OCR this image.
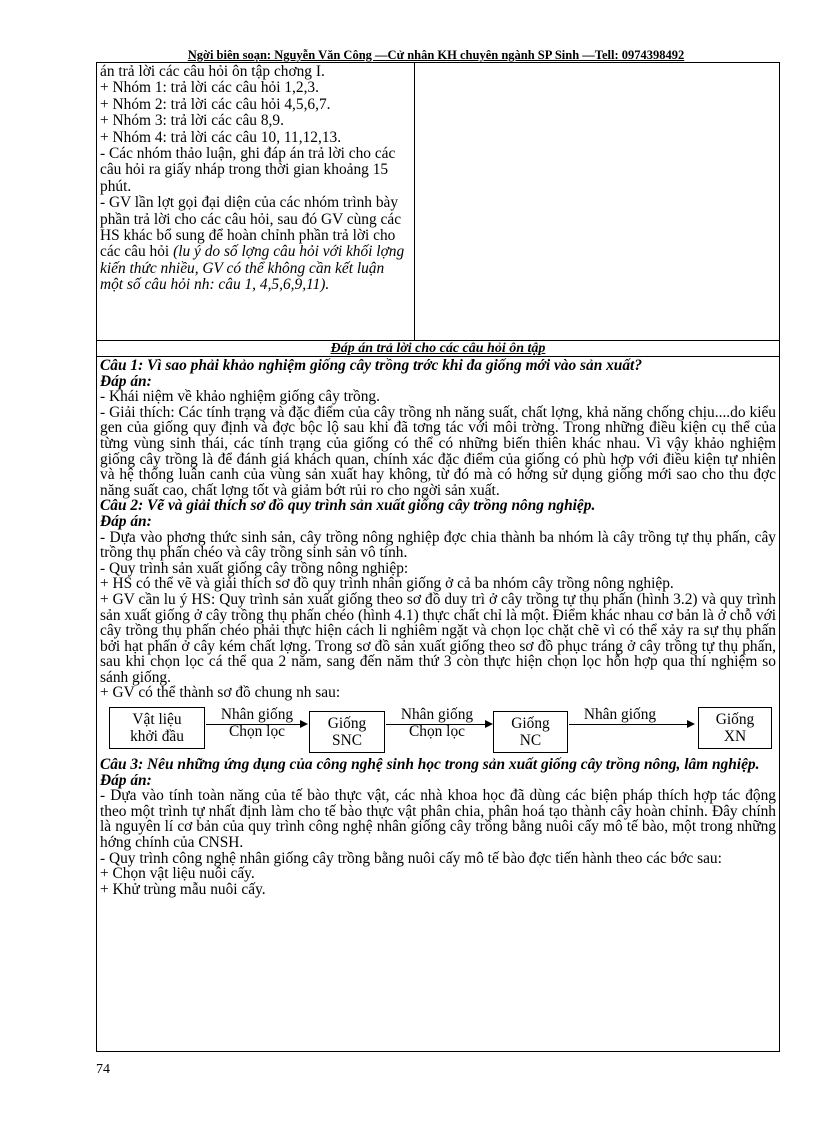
Ngời biên soạn: Nguyễn Văn Công —Cử nhân KH chuyên ngành SP Sinh —Tell: 0974398492

án trả lời các câu hỏi ôn tập chơng I.

+ Nhóm 1: trả lời các câu hỏi 1,2,3.

+ Nhóm 2: trả lời các câu hỏi 4,5,6,7.

+ Nhóm 3: trả lời các câu 8,9.

+ Nhóm 4: trả lời các câu 10, 11,12,13.

- Các nhóm thảo luận, ghi đáp án trả lời cho các câu hỏi ra giấy nháp trong thời gian khoảng 15 phút.

- GV lần lợt gọi đại diện của các nhóm trình bày phần trả lời cho các câu hỏi, sau đó GV cùng các HS khác bổ sung để hoàn chỉnh phần trả lời cho các câu hỏi (lu ý do số lợng câu hỏi với khối lợng kiến thức nhiều, GV có thể không cần kết luận một số câu hỏi nh: câu 1, 4,5,6,9,11).

Đáp án trả lời cho các câu hỏi ôn tập

Câu 1: Vì sao phải khảo nghiệm giống cây trồng trớc khi đa giống mới vào sản xuất?

Đáp án:

- Khái niệm về khảo nghiệm giống cây trồng.

- Giải thích: Các tính trạng và đặc điểm của cây trồng nh năng suất, chất lợng, khả năng chống chịu....do kiểu gen của giống quy định và đợc bộc lộ sau khi đã tơng tác với môi trờng. Trong những điều kiện cụ thể của từng vùng sinh thái, các tính trạng của giống có thể có những biến thiên khác nhau. Vì vậy khảo nghiệm giống cây trồng là để đánh giá khách quan, chính xác đặc điểm của giống có phù hợp với điều kiện tự nhiên và hệ thống luân canh của vùng sản xuất hay không, từ đó mà có hớng sử dụng giống mới sao cho thu đợc năng suất cao, chất lợng tốt và giảm bớt rủi ro cho ngời sản xuất.

Câu 2: Vẽ và giải thích sơ đồ quy trình sản xuất giống cây trồng nông nghiệp.

Đáp án:

- Dựa vào phơng thức sinh sản, cây trồng nông nghiệp đợc chia thành ba nhóm là cây trồng tự thụ phấn, cây trồng thụ phấn chéo và cây trồng sinh sản vô tính.

- Quy trình sản xuất giống cây trồng nông nghiệp:

+ HS có thể vẽ và giải thích sơ đồ quy trình nhân giống ở cả ba nhóm cây trồng nông nghiệp.

+ GV cần lu ý HS: Quy trình sản xuất giống theo sơ đồ duy trì ở cây trồng tự thụ phấn (hình 3.2) và quy trình sản xuất giống ở cây trồng thụ phấn chéo (hình 4.1) thực chất chỉ là một. Điểm khác nhau cơ bản là ở chỗ với cây trồng thụ phấn chéo phải thực hiện cách li nghiêm ngặt và chọn lọc chặt chẽ vì có thể xảy ra sự thụ phấn bởi hạt phấn ở cây kém chất lợng. Trong sơ đồ sản xuất giống theo sơ đồ phục tráng ở cây trồng tự thụ phấn, sau khi chọn lọc cá thể qua 2 năm, sang đến năm thứ 3 còn thực hiện chọn lọc hỗn hợp qua thí nghiệm so sánh giống.

+ GV có thể thành sơ đồ chung nh sau:

Vật liệu
khởi đầu
Nhân giống
Chọn lọc	Giống
SNC
Nhân giống
Chọn lọc	Giống
NC
Nhân giống	Giống
XN

Câu 3: Nêu những ứng dụng của công nghệ sinh học trong sản xuất giống cây trồng nông, lâm nghiệp.

Đáp án:

- Dựa vào tính toàn năng của tế bào thực vật, các nhà khoa học đã dùng các biện pháp thích hợp tác động theo một trình tự nhất định làm cho tế bào thực vật phân chia, phân hoá tạo thành cây hoàn chỉnh. Đây chính là nguyên lí cơ bản của quy trình công nghệ nhân giống cây trồng bằng nuôi cấy mô tế bào, một trong những hớng chính của CNSH.

- Quy trình công nghệ nhân giống cây trồng bằng nuôi cấy mô tế bào đợc tiến hành theo các bớc sau:

+ Chọn vật liệu nuôi cấy.

+ Khử trùng mẫu nuôi cấy.

74
